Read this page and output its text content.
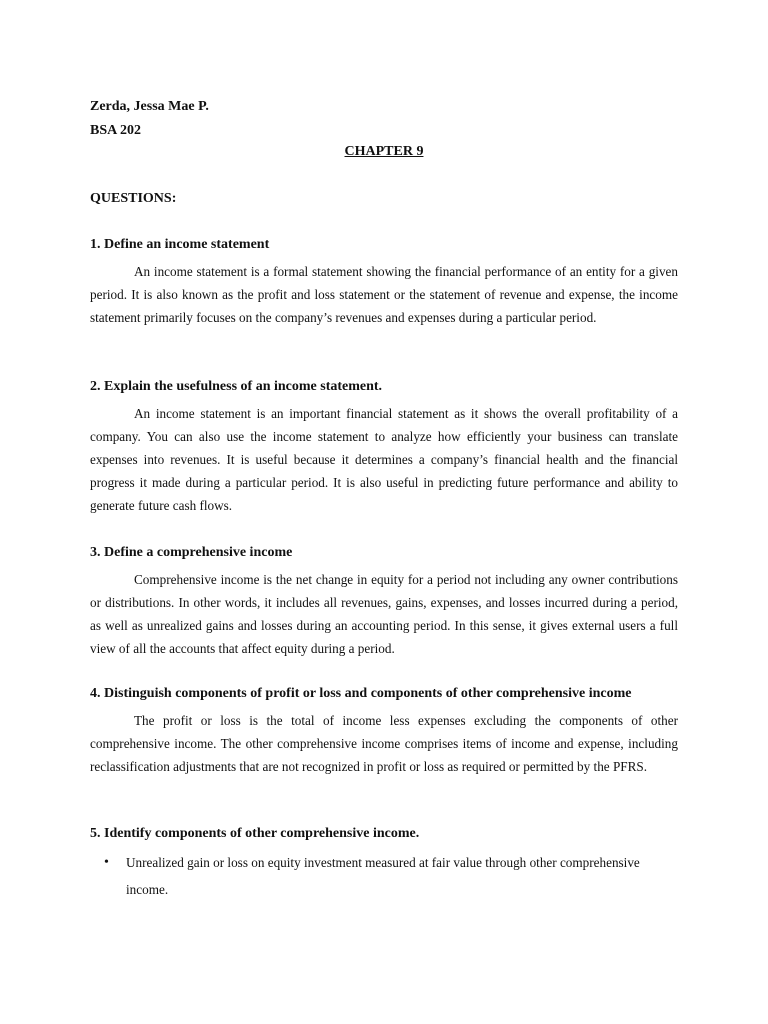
Zerda, Jessa Mae P.
BSA 202
CHAPTER 9
QUESTIONS:

1. Define an income statement

An income statement is a formal statement showing the financial performance of an entity for a given period. It is also known as the profit and loss statement or the statement of revenue and expense, the income statement primarily focuses on the company’s revenues and expenses during a particular period.

2. Explain the usefulness of an income statement.

An income statement is an important financial statement as it shows the overall profitability of a company. You can also use the income statement to analyze how efficiently your business can translate expenses into revenues. It is useful because it determines a company’s financial health and the financial progress it made during a particular period. It is also useful in predicting future performance and ability to generate future cash flows.

3. Define a comprehensive income

Comprehensive income is the net change in equity for a period not including any owner contributions or distributions. In other words, it includes all revenues, gains, expenses, and losses incurred during a period, as well as unrealized gains and losses during an accounting period. In this sense, it gives external users a full view of all the accounts that affect equity during a period.

4. Distinguish components of profit or loss and components of other comprehensive income

The profit or loss is the total of income less expenses excluding the components of other comprehensive income. The other comprehensive income comprises items of income and expense, including reclassification adjustments that are not recognized in profit or loss as required or permitted by the PFRS.

5. Identify components of other comprehensive income.

• Unrealized gain or loss on equity investment measured at fair value through other comprehensive income.
